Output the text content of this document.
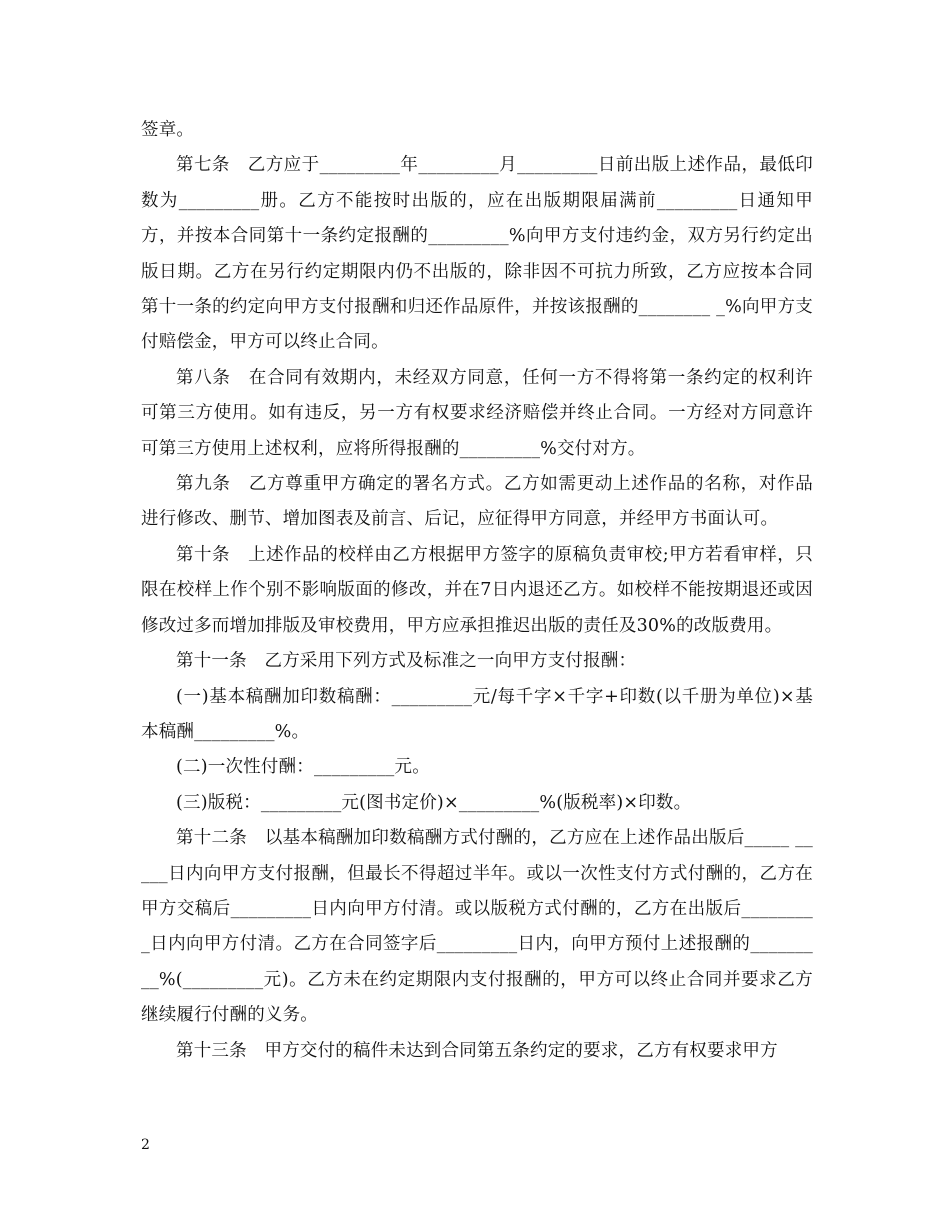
签章。

第七条　乙方应于_________年_________月_________日前出版上述作品，最低印数为_________册。乙方不能按时出版的，应在出版期限届满前_________日通知甲方，并按本合同第十一条约定报酬的_________%向甲方支付违约金，双方另行约定出版日期。乙方在另行约定期限内仍不出版的，除非因不可抗力所致，乙方应按本合同第十一条的约定向甲方支付报酬和归还作品原件，并按该报酬的________ _%向甲方支付赔偿金，甲方可以终止合同。

第八条　在合同有效期内，未经双方同意，任何一方不得将第一条约定的权利许可第三方使用。如有违反，另一方有权要求经济赔偿并终止合同。一方经对方同意许可第三方使用上述权利，应将所得报酬的_________%交付对方。

第九条　乙方尊重甲方确定的署名方式。乙方如需更动上述作品的名称，对作品进行修改、删节、增加图表及前言、后记，应征得甲方同意，并经甲方书面认可。

第十条　上述作品的校样由乙方根据甲方签字的原稿负责审校;甲方若看审样，只限在校样上作个别不影响版面的修改，并在7日内退还乙方。如校样不能按期退还或因修改过多而增加排版及审校费用，甲方应承担推迟出版的责任及30%的改版费用。

第十一条　乙方采用下列方式及标准之一向甲方支付报酬：

(一)基本稿酬加印数稿酬：_________元/每千字×千字+印数(以千册为单位)×基本稿酬_________%。

(二)一次性付酬：_________元。

(三)版税：_________元(图书定价)×_________%(版税率)×印数。

第十二条　以基本稿酬加印数稿酬方式付酬的，乙方应在上述作品出版后_____ _____日内向甲方支付报酬，但最长不得超过半年。或以一次性支付方式付酬的，乙方在甲方交稿后_________日内向甲方付清。或以版税方式付酬的，乙方在出版后_________日内向甲方付清。乙方在合同签字后_________日内，向甲方预付上述报酬的_________%(_________元)。乙方未在约定期限内支付报酬的，甲方可以终止合同并要求乙方继续履行付酬的义务。

第十三条　甲方交付的稿件未达到合同第五条约定的要求，乙方有权要求甲方

2
